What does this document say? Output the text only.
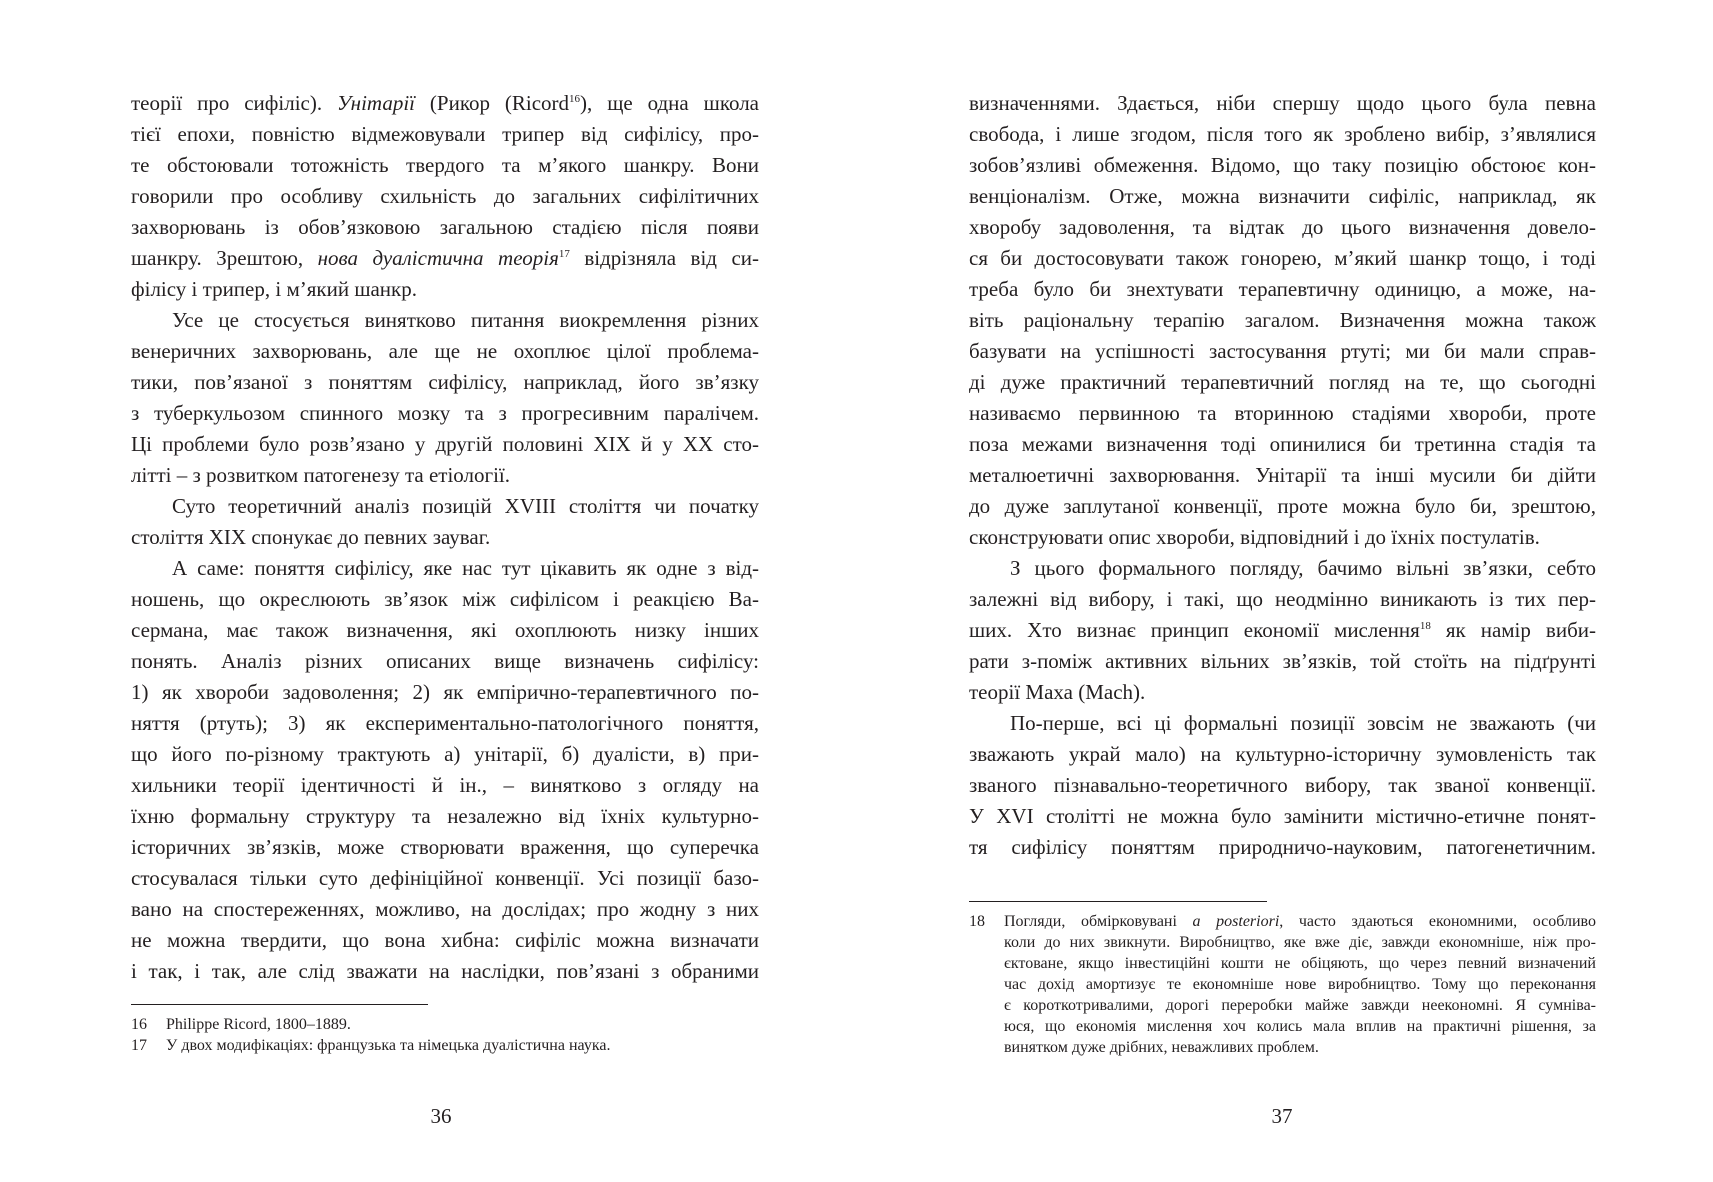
теорії про сифіліс). Унітарії (Рикор (Ricord$^{16}$), ще одна школа
тієї епохи, повністю відмежовували трипер від сифілісу, про-
те обстоювали тотожність твердого та м’якого шанкру. Вони
говорили про особливу схильність до загальних сифілітичних
захворювань із обов’язковою загальною стадією після появи
шанкру. Зрештою, нова дуалістична теорія$^{17}$ відрізняла від си-
філісу і трипер, і м’який шанкр.
Усе це стосується винятково питання виокремлення різних
венеричних захворювань, але ще не охоплює цілої проблема-
тики, пов’язаної з поняттям сифілісу, наприклад, його зв’язку
з туберкульозом спинного мозку та з прогресивним паралічем.
Ці проблеми було розв’язано у другій половині ХІХ й у ХХ сто-
літті – з розвитком патогенезу та етіології.
Суто теоретичний аналіз позицій XVIII століття чи початку
століття ХІХ спонукає до певних зауваг.
А саме: поняття сифілісу, яке нас тут цікавить як одне з від-
ношень, що окреслюють зв’язок між сифілісом і реакцією Ва-
сермана, має також визначення, які охоплюють низку інших
понять. Аналіз різних описаних вище визначень сифілісу:
1) як хвороби задоволення; 2) як емпірично-терапевтичного по-
няття (ртуть); 3) як експериментально-патологічного поняття,
що його по-різному трактують а) унітарії, б) дуалісти, в) при-
хильники теорії ідентичності й ін., – винятково з огляду на
їхню формальну структуру та незалежно від їхніх культурно-
історичних зв’язків, може створювати враження, що суперечка
стосувалася тільки суто дефініційної конвенції. Усі позиції базо-
вано на спостереженнях, можливо, на дослідах; про жодну з них
не можна твердити, що вона хибна: сифіліс можна визначати
і так, і так, але слід зважати на наслідки, пов’язані з обраними
16 Philippe Ricord, 1800–1889.
17 У двох модифікаціях: французька та німецька дуалістична наука.
36
визначеннями. Здається, ніби спершу щодо цього була певна
свобода, і лише згодом, після того як зроблено вибір, з’являлися
зобов’язливі обмеження. Відомо, що таку позицію обстоює кон-
венціоналізм. Отже, можна визначити сифіліс, наприклад, як
хворобу задоволення, та відтак до цього визначення довело-
ся би достосовувати також гонорею, м’який шанкр тощо, і тоді
треба було би знехтувати терапевтичну одиницю, а може, на-
віть раціональну терапію загалом. Визначення можна також
базувати на успішності застосування ртуті; ми би мали справ-
ді дуже практичний терапевтичний погляд на те, що сьогодні
називаємо первинною та вторинною стадіями хвороби, проте
поза межами визначення тоді опинилися би третинна стадія та
металюетичні захворювання. Унітарії та інші мусили би дійти
до дуже заплутаної конвенції, проте можна було би, зрештою,
сконструювати опис хвороби, відповідний і до їхніх постулатів.
З цього формального погляду, бачимо вільні зв’язки, себто
залежні від вибору, і такі, що неодмінно виникають із тих пер-
ших. Хто визнає принцип економії мислення$^{18}$ як намір виби-
рати з-поміж активних вільних зв’язків, той стоїть на підґрунті
теорії Маха (Mach).
По-перше, всі ці формальні позиції зовсім не зважають (чи
зважають украй мало) на культурно-історичну зумовленість так
званого пізнавально-теоретичного вибору, так званої конвенції.
У XVI столітті не можна було замінити містично-етичне понят-
тя сифілісу поняттям природничо-науковим, патогенетичним.
18 Погляди, обмірковувані a posteriori, часто здаються економними, особливо
коли до них звикнути. Виробництво, яке вже діє, завжди економніше, ніж про-
єктоване, якщо інвестиційні кошти не обіцяють, що через певний визначений
час дохід амортизує те економніше нове виробництво. Тому що переконання
є короткотривалими, дорогі переробки майже завжди неекономні. Я сумніва-
юся, що економія мислення хоч колись мала вплив на практичні рішення, за
винятком дуже дрібних, неважливих проблем.
37
